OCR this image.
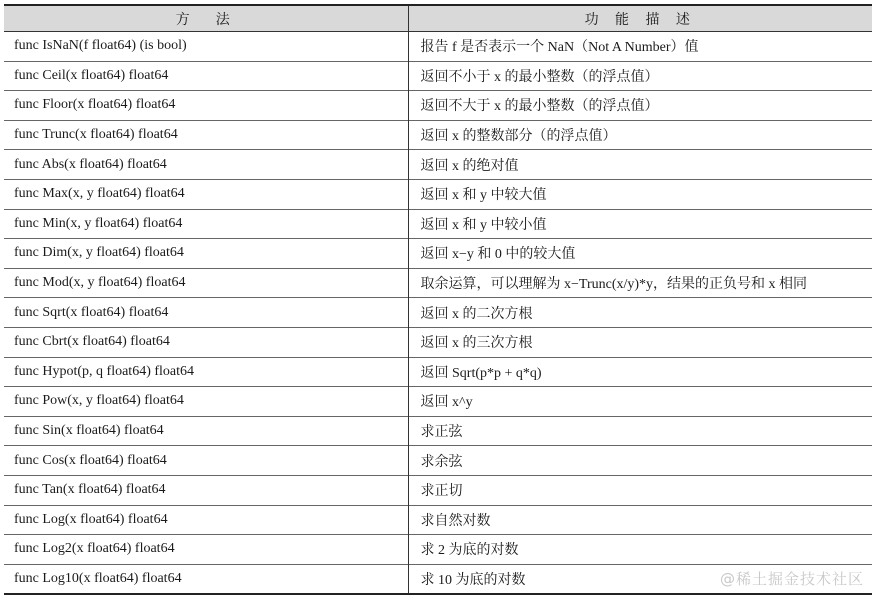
方　法	功 能 描 述
func IsNaN(f float64) (is bool)	报告 f 是否表示一个 NaN（Not A Number）值
func Ceil(x float64) float64	返回不小于 x 的最小整数（的浮点值）
func Floor(x float64) float64	返回不大于 x 的最小整数（的浮点值）
func Trunc(x float64) float64	返回 x 的整数部分（的浮点值）
func Abs(x float64) float64	返回 x 的绝对值
func Max(x, y float64) float64	返回 x 和 y 中较大值
func Min(x, y float64) float64	返回 x 和 y 中较小值
func Dim(x, y float64) float64	返回 x−y 和 0 中的较大值
func Mod(x, y float64) float64	取余运算，可以理解为 x−Trunc(x/y)*y，结果的正负号和 x 相同
func Sqrt(x float64) float64	返回 x 的二次方根
func Cbrt(x float64) float64	返回 x 的三次方根
func Hypot(p, q float64) float64	返回 Sqrt(p*p + q*q)
func Pow(x, y float64) float64	返回 x^y
func Sin(x float64) float64	求正弦
func Cos(x float64) float64	求余弦
func Tan(x float64) float64	求正切
func Log(x float64) float64	求自然对数
func Log2(x float64) float64	求 2 为底的对数
func Log10(x float64) float64	求 10 为底的对数	@稀土掘金技术社区
